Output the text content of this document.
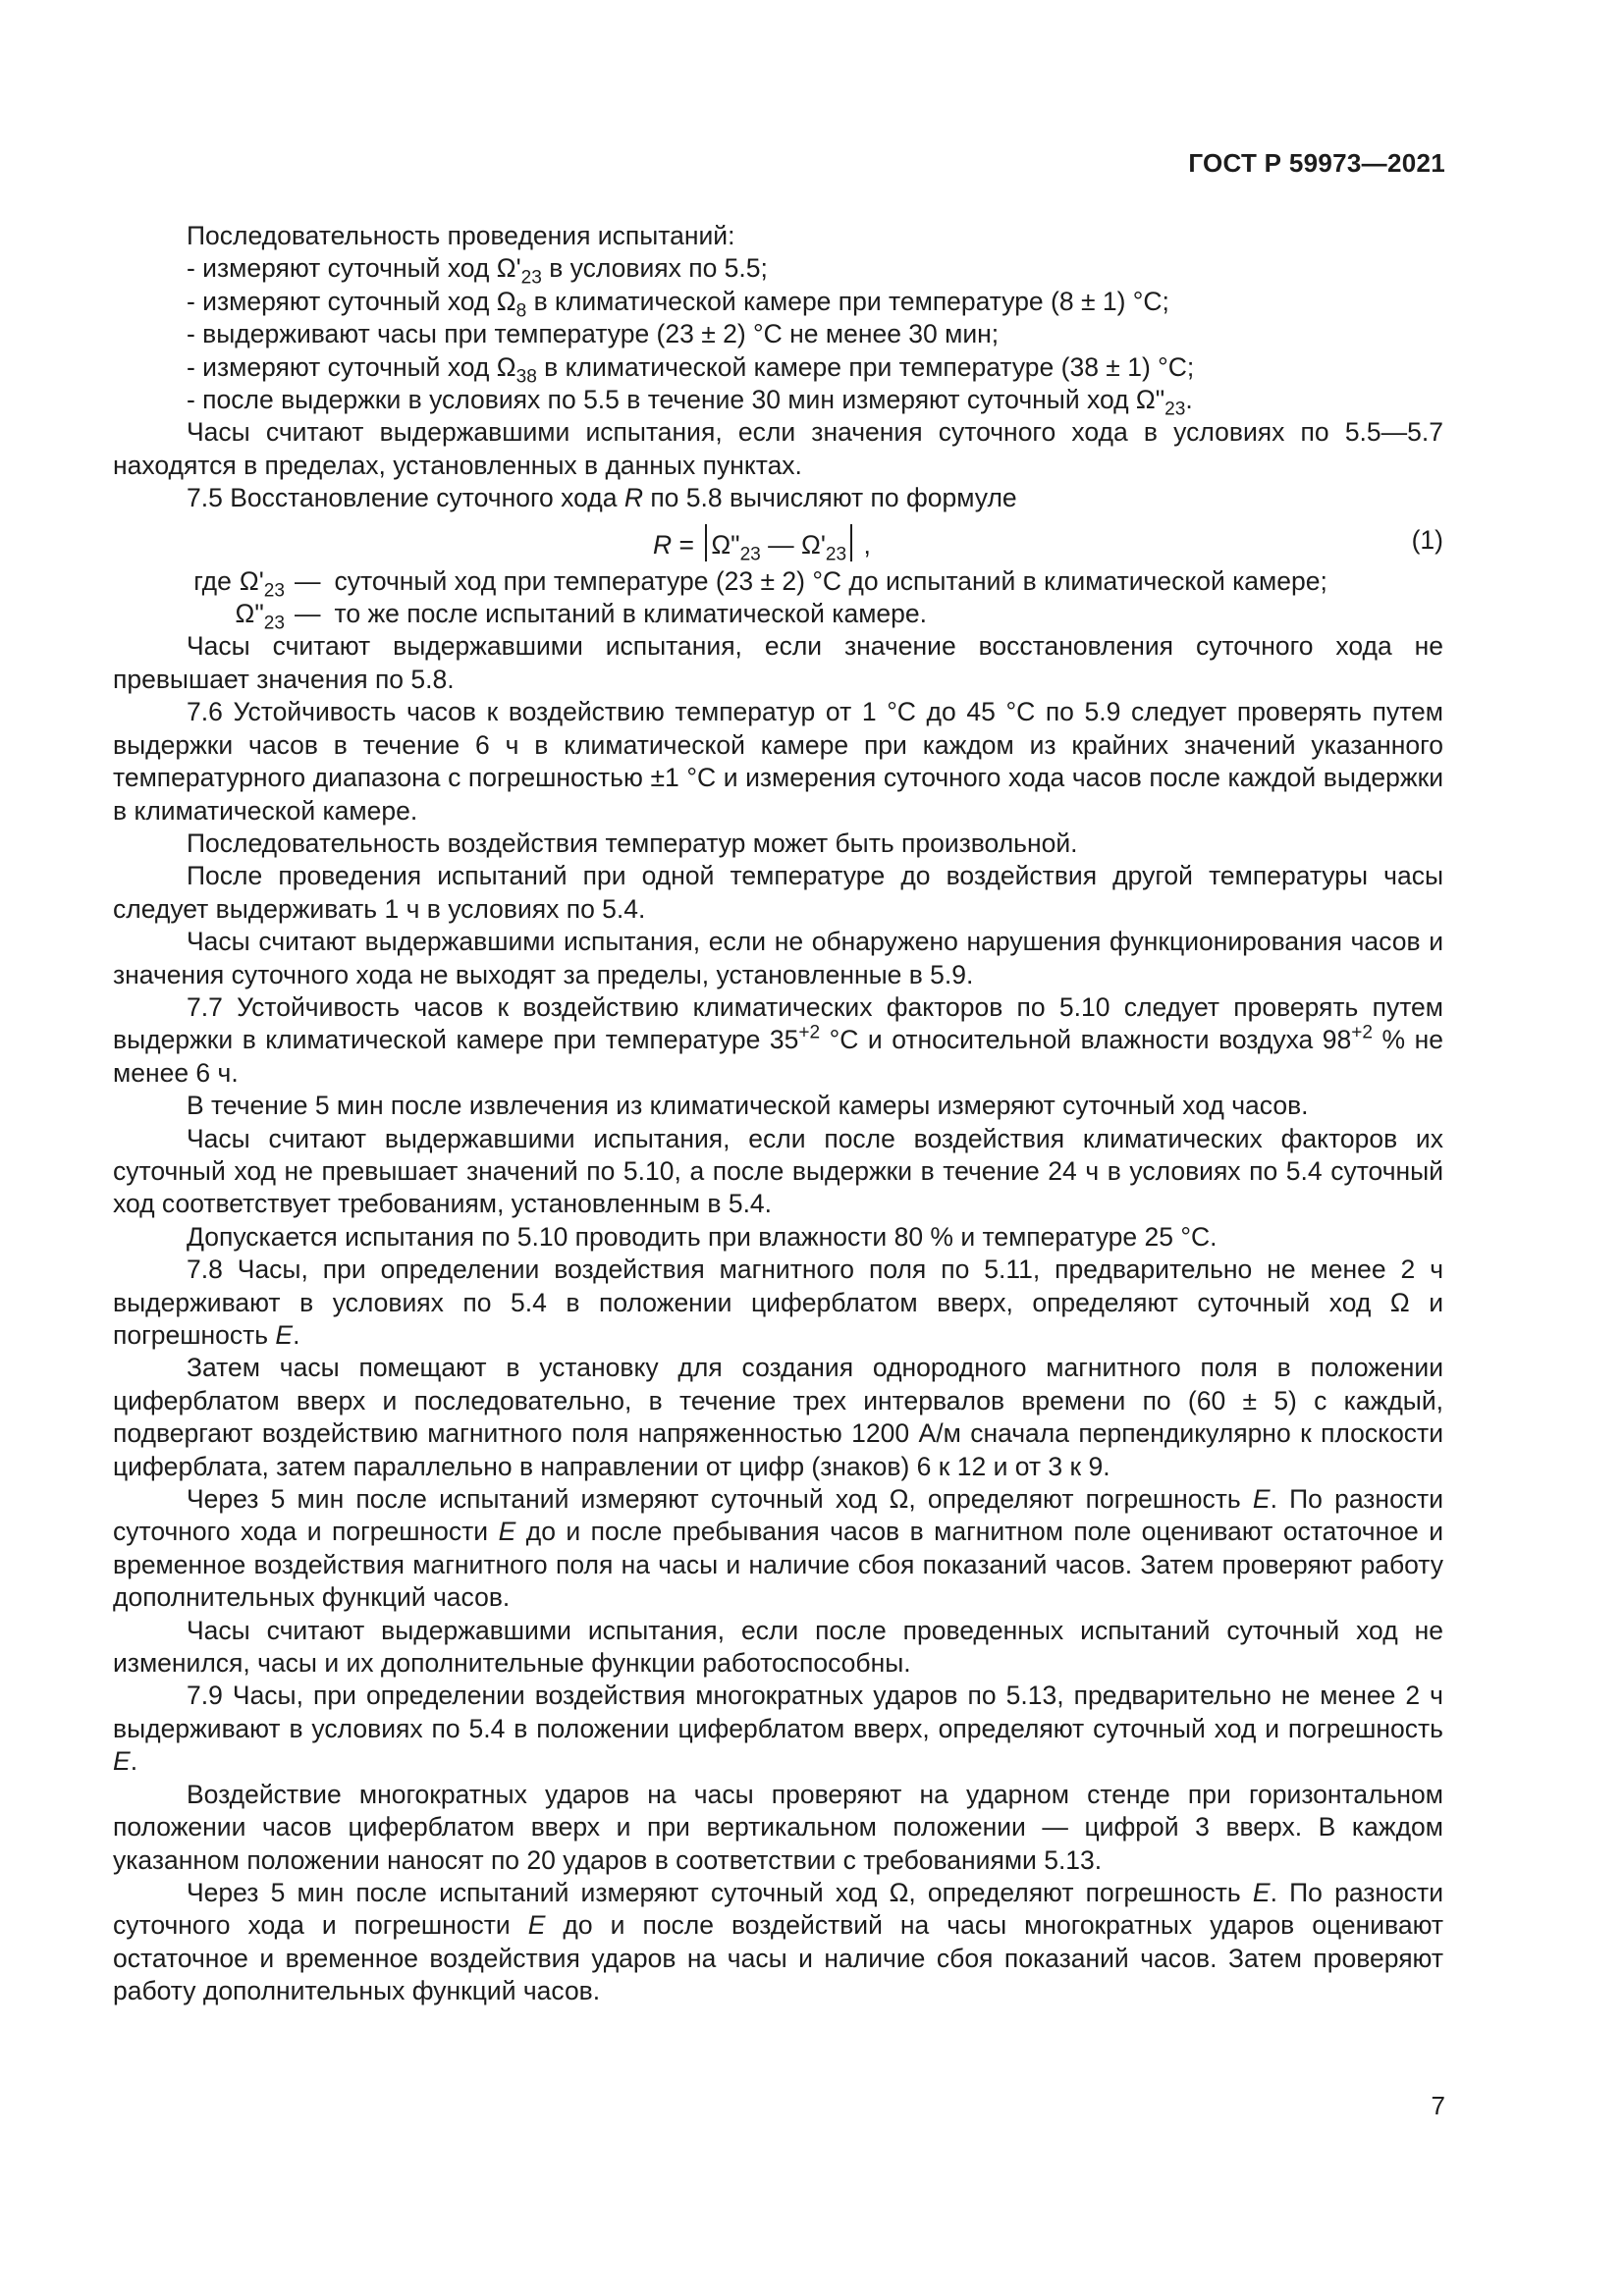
ГОСТ Р 59973—2021

Последовательность проведения испытаний:

- измеряют суточный ход $\Omega'_{23}$ в условиях по 5.5;

- измеряют суточный ход $\Omega_8$ в климатической камере при температуре (8 ± 1) °С;

- выдерживают часы при температуре (23 ± 2) °С не менее 30 мин;

- измеряют суточный ход $\Omega_{38}$ в климатической камере при температуре (38 ± 1) °С;

- после выдержки в условиях по 5.5 в течение 30 мин измеряют суточный ход $\Omega"_{23}$.

Часы считают выдержавшими испытания, если значения суточного хода в условиях по 5.5—5.7 находятся в пределах, установленных в данных пунктах.

7.5 Восстановление суточного хода R по 5.8 вычисляют по формуле

$R = \Omega"_{23}$ — $\Omega'_{23}$ ,	(1)
где $\Omega'_{23}$ — суточный ход при температуре (23 ± 2) °С до испытаний в климатической камере;
$\Omega"_{23}$ — то же после испытаний в климатической камере.

Часы считают выдержавшими испытания, если значение восстановления суточного хода не превышает значения по 5.8.

7.6 Устойчивость часов к воздействию температур от 1 °С до 45 °С по 5.9 следует проверять путем выдержки часов в течение 6 ч в климатической камере при каждом из крайних значений указанного температурного диапазона с погрешностью ±1 °С и измерения суточного хода часов после каждой выдержки в климатической камере.

Последовательность воздействия температур может быть произвольной.

После проведения испытаний при одной температуре до воздействия другой температуры часы следует выдерживать 1 ч в условиях по 5.4.

Часы считают выдержавшими испытания, если не обнаружено нарушения функционирования часов и значения суточного хода не выходят за пределы, установленные в 5.9.

7.7 Устойчивость часов к воздействию климатических факторов по 5.10 следует проверять путем выдержки в климатической камере при температуре $35^{+2}$ °С и относительной влажности воздуха $98^{+2}$ % не менее 6 ч.

В течение 5 мин после извлечения из климатической камеры измеряют суточный ход часов.

Часы считают выдержавшими испытания, если после воздействия климатических факторов их суточный ход не превышает значений по 5.10, а после выдержки в течение 24 ч в условиях по 5.4 суточный ход соответствует требованиям, установленным в 5.4.

Допускается испытания по 5.10 проводить при влажности 80 % и температуре 25 °С.

7.8 Часы, при определении воздействия магнитного поля по 5.11, предварительно не менее 2 ч выдерживают в условиях по 5.4 в положении циферблатом вверх, определяют суточный ход Ω и погрешность Е.

Затем часы помещают в установку для создания однородного магнитного поля в положении циферблатом вверх и последовательно, в течение трех интервалов времени по (60 ± 5) с каждый, подвергают воздействию магнитного поля напряженностью 1200 А/м сначала перпендикулярно к плоскости циферблата, затем параллельно в направлении от цифр (знаков) 6 к 12 и от 3 к 9.

Через 5 мин после испытаний измеряют суточный ход Ω, определяют погрешность Е. По разности суточного хода и погрешности Е до и после пребывания часов в магнитном поле оценивают остаточное и временное воздействия магнитного поля на часы и наличие сбоя показаний часов. Затем проверяют работу дополнительных функций часов.

Часы считают выдержавшими испытания, если после проведенных испытаний суточный ход не изменился, часы и их дополнительные функции работоспособны.

7.9 Часы, при определении воздействия многократных ударов по 5.13, предварительно не менее 2 ч выдерживают в условиях по 5.4 в положении циферблатом вверх, определяют суточный ход и погрешность Е.

Воздействие многократных ударов на часы проверяют на ударном стенде при горизонтальном положении часов циферблатом вверх и при вертикальном положении — цифрой 3 вверх. В каждом указанном положении наносят по 20 ударов в соответствии с требованиями 5.13.

Через 5 мин после испытаний измеряют суточный ход Ω, определяют погрешность Е. По разности суточного хода и погрешности Е до и после воздействий на часы многократных ударов оценивают остаточное и временное воздействия ударов на часы и наличие сбоя показаний часов. Затем проверяют работу дополнительных функций часов.

7
